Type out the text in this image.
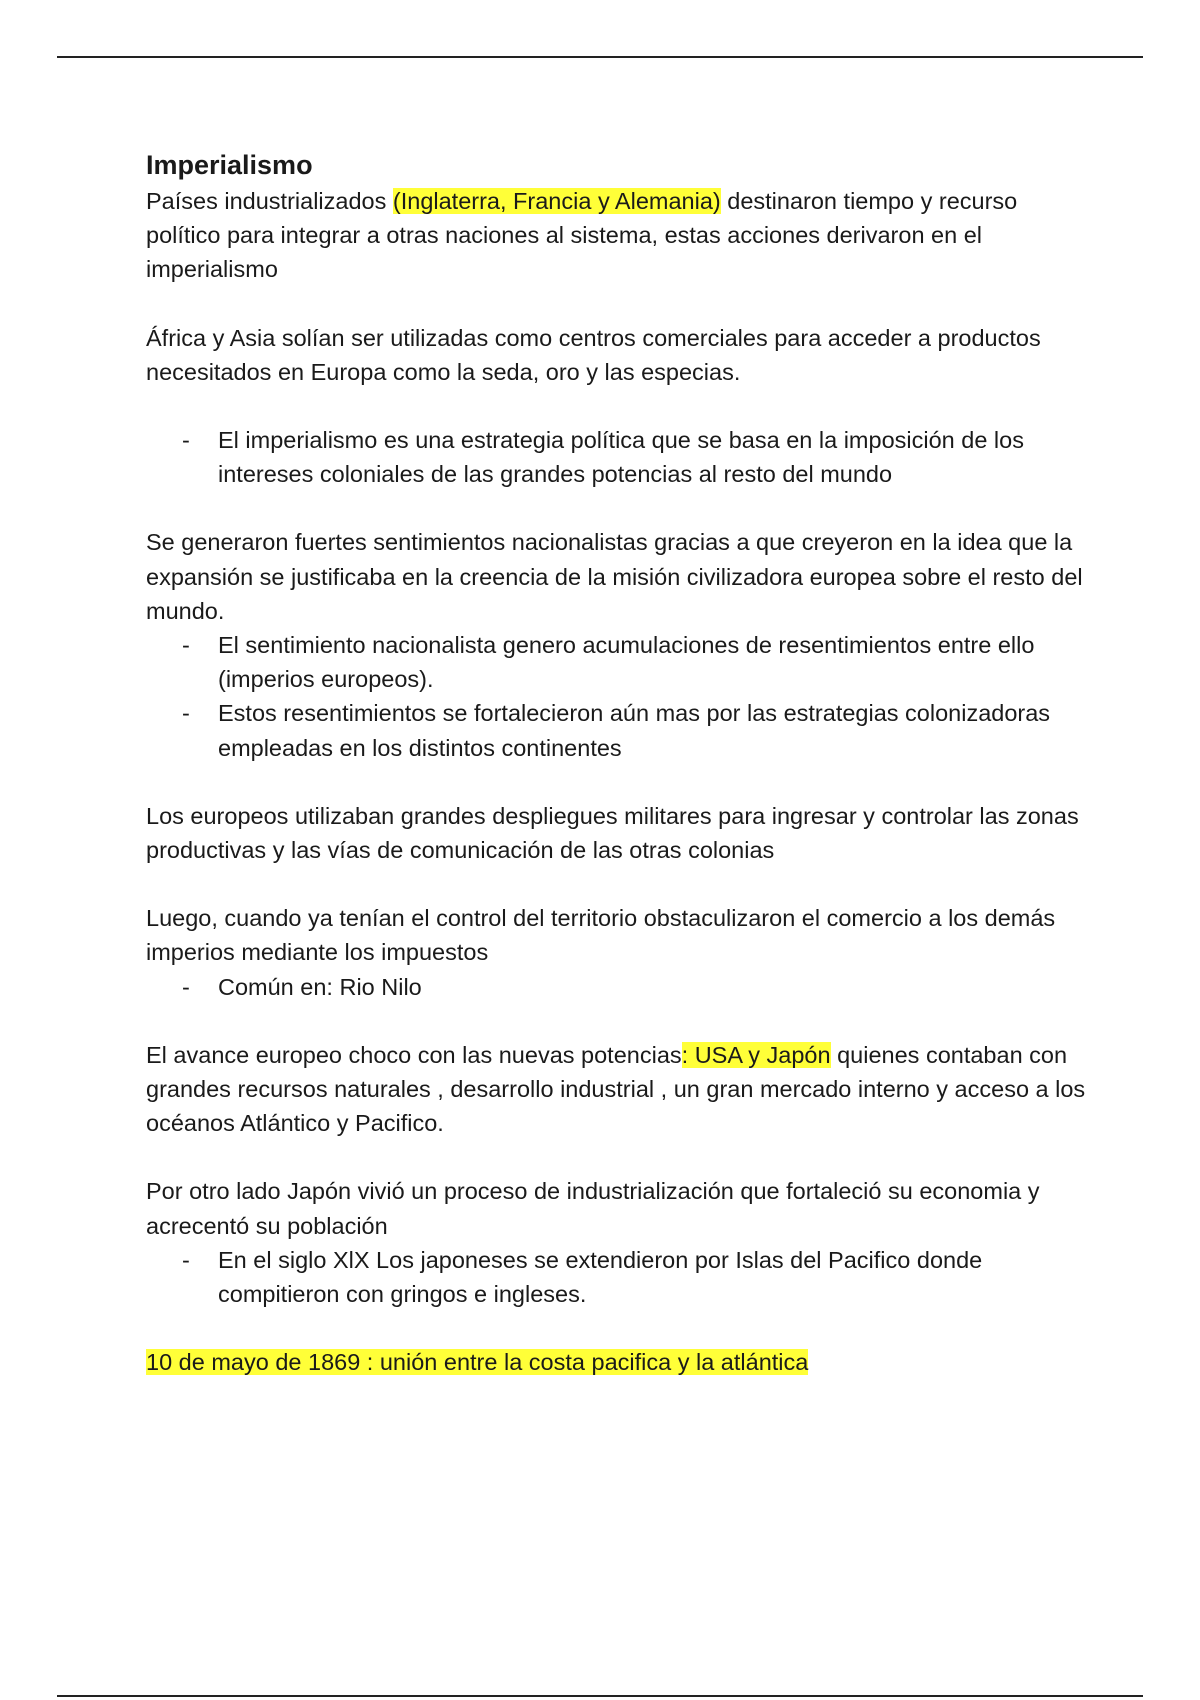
Imperialismo

Países industrializados (Inglaterra, Francia y Alemania) destinaron tiempo y recurso político para integrar a otras naciones al sistema, estas acciones derivaron en el imperialismo

África y Asia solían ser utilizadas como centros comerciales para acceder a productos necesitados en Europa como la seda, oro y las especias.

- El imperialismo es una estrategia política que se basa en la imposición de los intereses coloniales de las grandes potencias al resto del mundo

Se generaron fuertes sentimientos nacionalistas gracias a que creyeron en la idea que la expansión se justificaba en la creencia de la misión civilizadora europea sobre el resto del mundo.

- El sentimiento nacionalista genero acumulaciones de resentimientos entre ello
(imperios europeos).
- Estos resentimientos se fortalecieron aún mas por las estrategias colonizadoras empleadas en los distintos continentes

Los europeos utilizaban grandes despliegues militares para ingresar y controlar las zonas productivas y las vías de comunicación de las otras colonias

Luego, cuando ya tenían el control del territorio obstaculizaron el comercio a los demás imperios mediante los impuestos

- Común en: Rio Nilo

El avance europeo choco con las nuevas potencias: USA y Japón quienes contaban con grandes recursos naturales , desarrollo industrial , un gran mercado interno y acceso a los océanos Atlántico y Pacifico.

Por otro lado Japón vivió un proceso de industrialización que fortaleció su economia y acrecentó su población

- En el siglo XlX Los japoneses se extendieron por Islas del Pacifico donde compitieron con gringos e ingleses.

10 de mayo de 1869 : unión entre la costa pacifica y la atlántica
